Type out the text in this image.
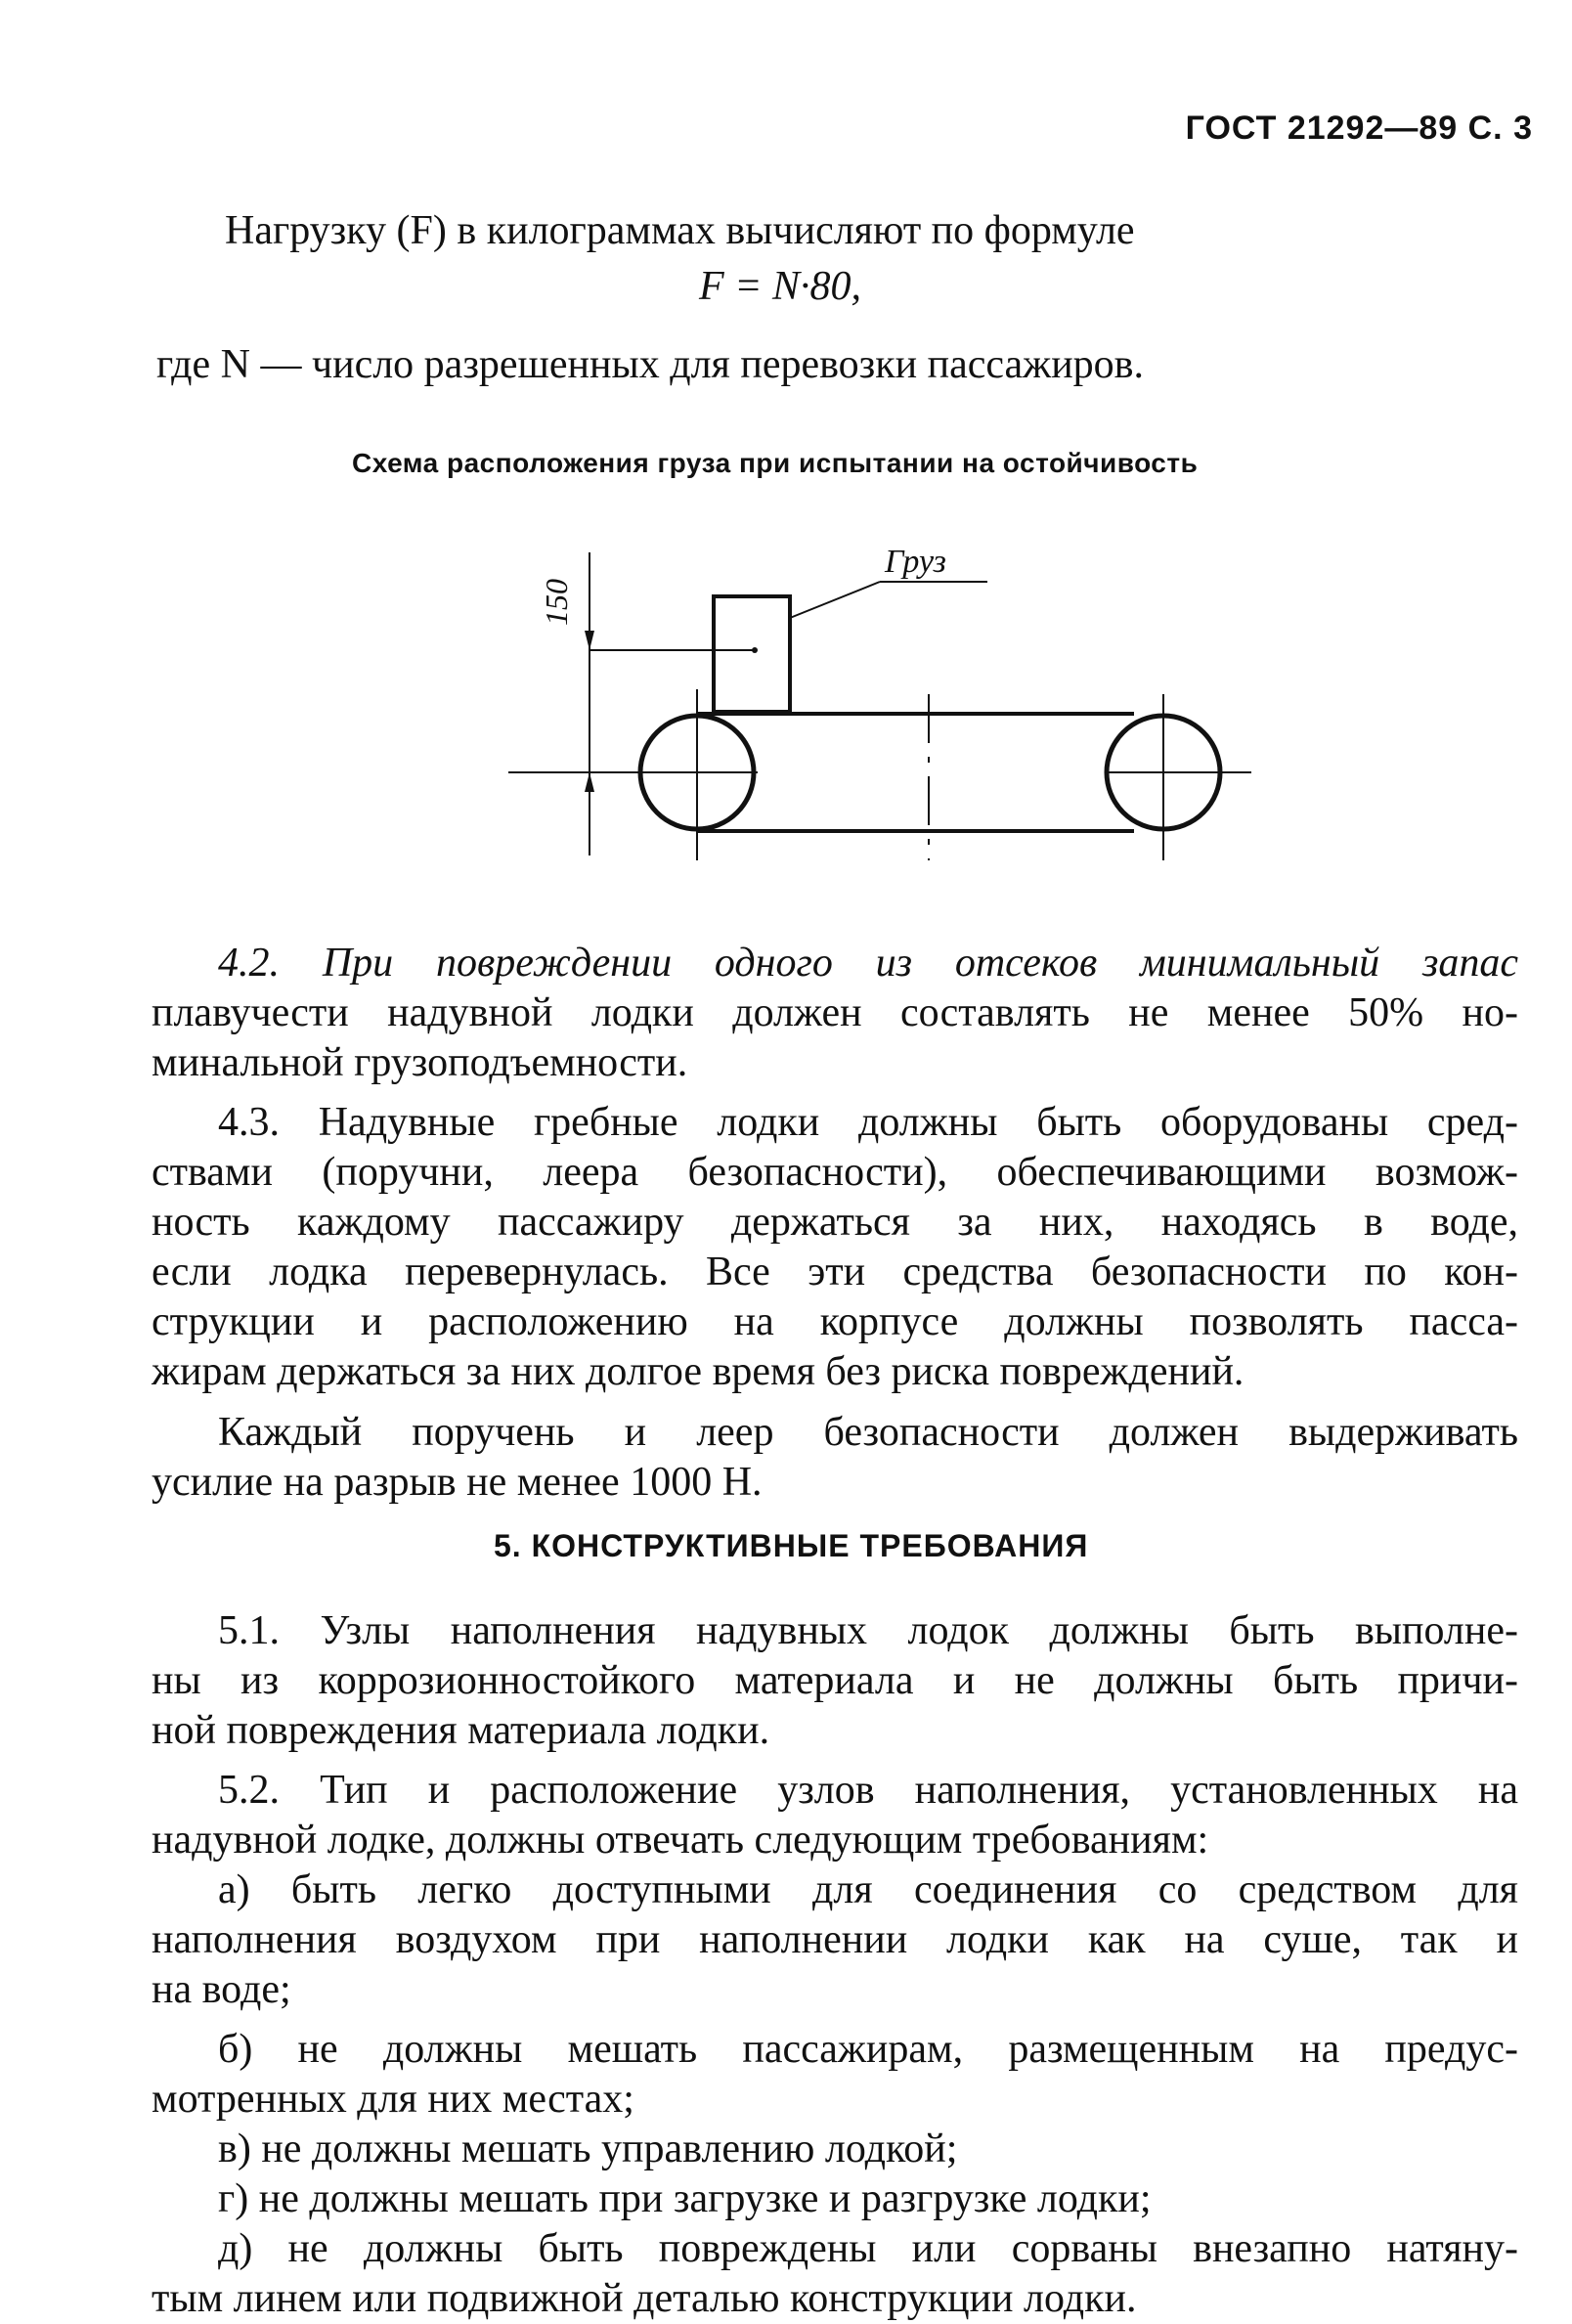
ГОСТ 21292—89 С. 3
Нагрузку (F) в килограммах вычисляют по формуле
F = N·80,
где N — число разрешенных для перевозки пассажиров.
Схема расположения груза при испытании на остойчивость
Груз
150
4.2. При повреждении одного из отсеков минимальный запас
плавучести надувной лодки должен составлять не менее 50% но-
минальной грузоподъемности.
4.3. Надувные гребные лодки должны быть оборудованы сред-
ствами (поручни, леера безопасности), обеспечивающими возмож-
ность каждому пассажиру держаться за них, находясь в воде,
если лодка перевернулась. Все эти средства безопасности по кон-
струкции и расположению на корпусе должны позволять пасса-
жирам держаться за них долгое время без риска повреждений.
Каждый поручень и леер безопасности должен выдерживать
усилие на разрыв не менее 1000 Н.
5. КОНСТРУКТИВНЫЕ ТРЕБОВАНИЯ
5.1. Узлы наполнения надувных лодок должны быть выполне-
ны из коррозионностойкого материала и не должны быть причи-
ной повреждения материала лодки.
5.2. Тип и расположение узлов наполнения, установленных на
надувной лодке, должны отвечать следующим требованиям:
а) быть легко доступными для соединения со средством для
наполнения воздухом при наполнении лодки как на суше, так и
на воде;
б) не должны мешать пассажирам, размещенным на предус-
мотренных для них местах;
в) не должны мешать управлению лодкой;
г) не должны мешать при загрузке и разгрузке лодки;
д) не должны быть повреждены или сорваны внезапно натяну-
тым линем или подвижной деталью конструкции лодки.
